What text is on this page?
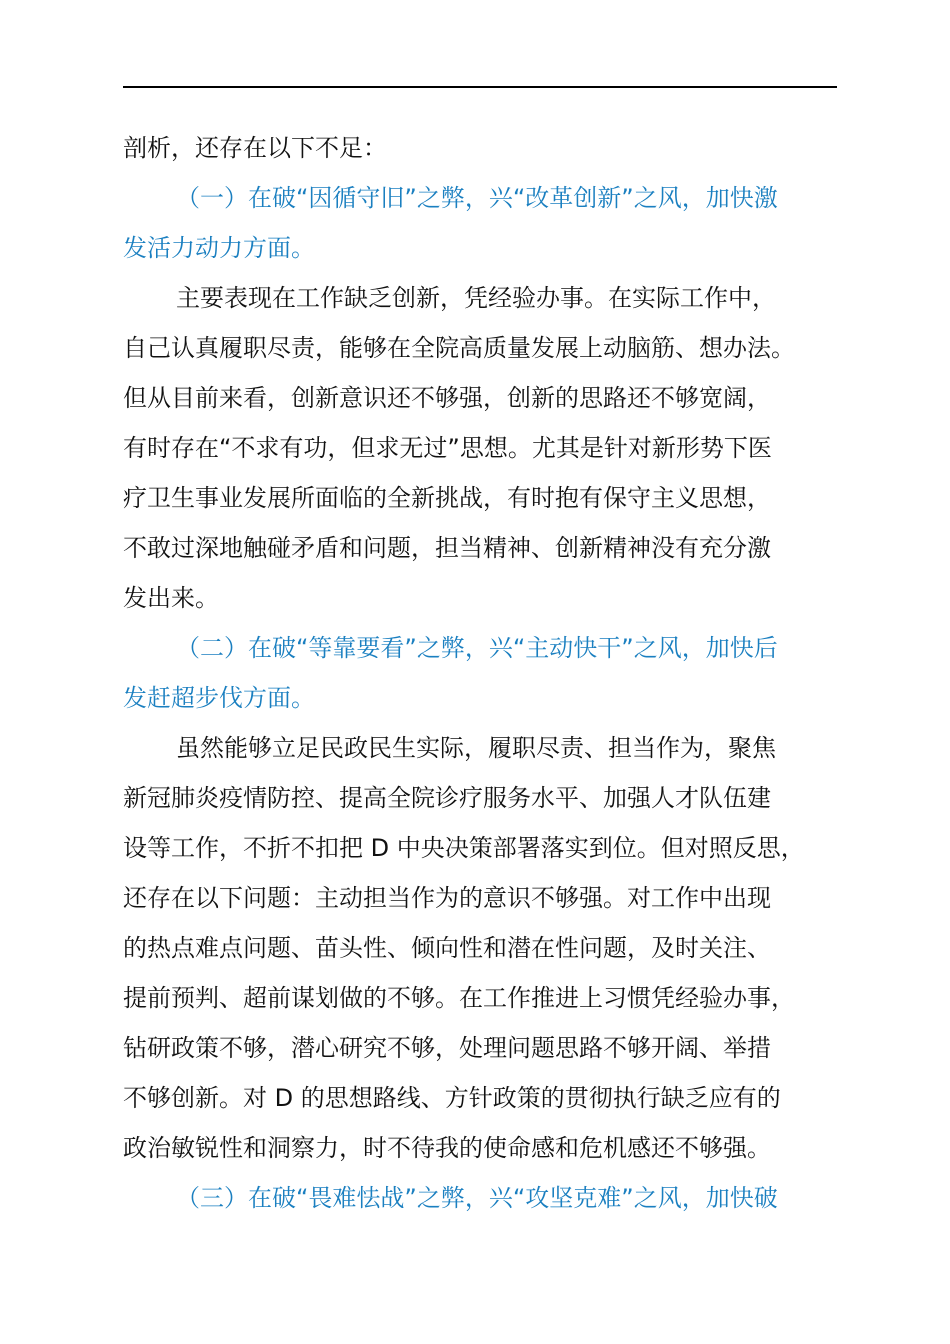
剖析，还存在以下不足：
（一）在破“因循守旧”之弊，兴“改革创新”之风，加快激
发活力动力方面。
主要表现在工作缺乏创新，凭经验办事。在实际工作中，
自己认真履职尽责，能够在全院高质量发展上动脑筋、想办法。
但从目前来看，创新意识还不够强，创新的思路还不够宽阔，
有时存在“不求有功，但求无过”思想。尤其是针对新形势下医
疗卫生事业发展所面临的全新挑战，有时抱有保守主义思想，
不敢过深地触碰矛盾和问题，担当精神、创新精神没有充分激
发出来。
（二）在破“等靠要看”之弊，兴“主动快干”之风，加快后
发赶超步伐方面。
虽然能够立足民政民生实际，履职尽责、担当作为，聚焦
新冠肺炎疫情防控、提高全院诊疗服务水平、加强人才队伍建
设等工作，不折不扣把 D 中央决策部署落实到位。但对照反思，
还存在以下问题：主动担当作为的意识不够强。对工作中出现
的热点难点问题、苗头性、倾向性和潜在性问题，及时关注、
提前预判、超前谋划做的不够。在工作推进上习惯凭经验办事，
钻研政策不够，潜心研究不够，处理问题思路不够开阔、举措
不够创新。对 D 的思想路线、方针政策的贯彻执行缺乏应有的
政治敏锐性和洞察力，时不待我的使命感和危机感还不够强。
（三）在破“畏难怯战”之弊，兴“攻坚克难”之风，加快破
